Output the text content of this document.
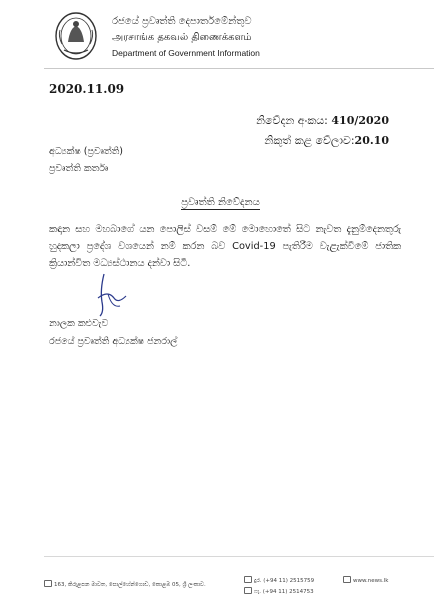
රජයේ ප්‍රවෘත්ති දෙපාර්තමේන්තුව
அரசாங்க தகவல் திணைக்களம்
Department of Government Information
2020.11.09
නිවේදන අංකය: 410/2020
නිකුත් කළ වේලාව:20.10
අධ්‍යක්ෂ (ප්‍රවෘත්ති)
ප්‍රවෘත්ති කර්තෘ
ප්‍රවෘත්ති නිවේදනය
කඳාන සහ මහබාගේ යන පොලිස් වසම් මේ මොහොතේ සිට නැවත දැනුම්දෙනතුරු හුදකලා ප්‍රදේශ වශයෙන් නම් කරන බව Covid-19 පැතිරීම වැළැක්වීමේ ජාතික ක්‍රියාන්විත මධ්‍යස්ථානය දන්වා සිටී.
නාලක කළුවැව
රජයේ ප්‍රවෘත්ති අධ්‍යක්ෂ ජනරාල්
163, කිරුළපන මාවත, පොල්හේන්ගොඩ, කොළඹ 05, ශ්‍රී ලංකාව.
දුර. (+94 11) 2515759
ෆැ. (+94 11) 2514753
www.news.lk
